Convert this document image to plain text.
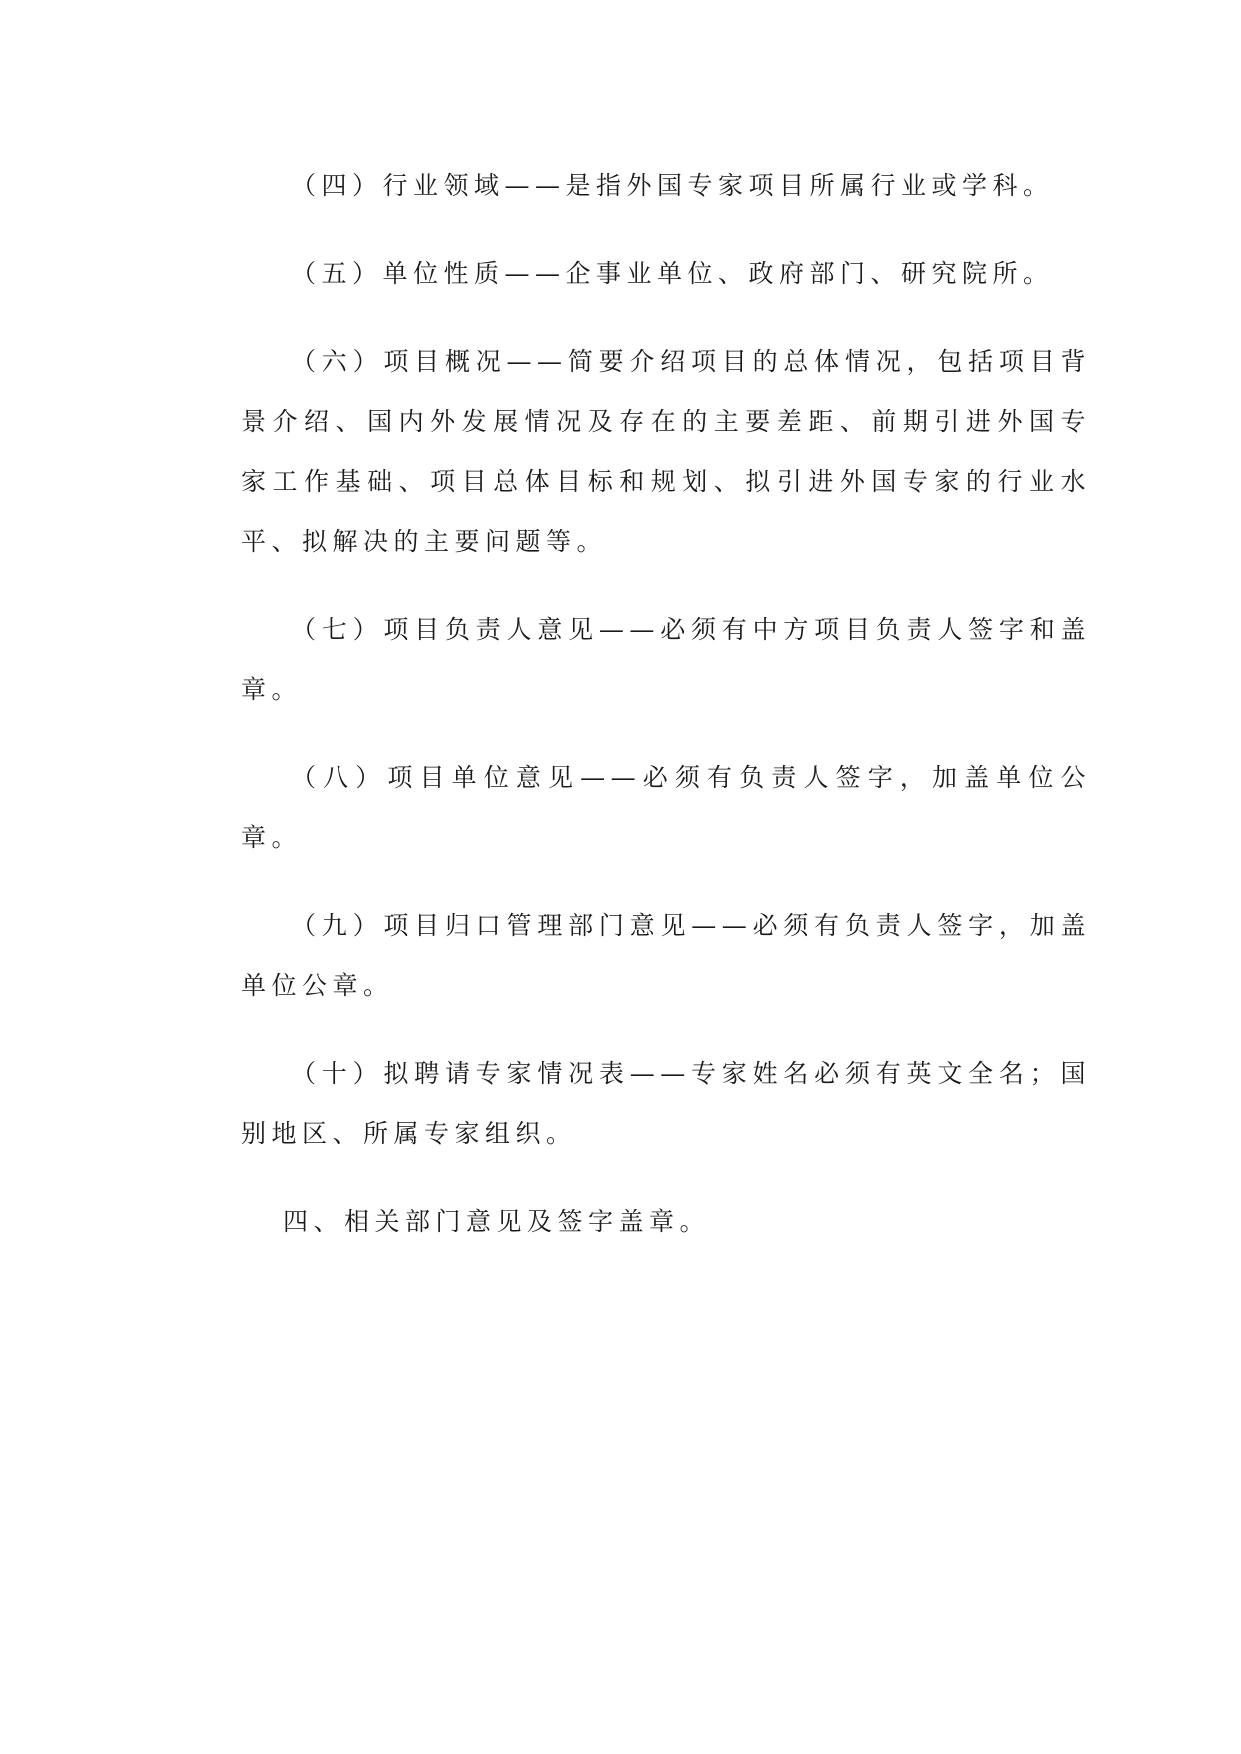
（四）行业领域——是指外国专家项目所属行业或学科。

（五）单位性质——企事业单位、政府部门、研究院所。

（六）项目概况——简要介绍项目的总体情况，包括项目背景介绍、国内外发展情况及存在的主要差距、前期引进外国专家工作基础、项目总体目标和规划、拟引进外国专家的行业水平、拟解决的主要问题等。

（七）项目负责人意见——必须有中方项目负责人签字和盖章。

（八）项目单位意见——必须有负责人签字，加盖单位公章。

（九）项目归口管理部门意见——必须有负责人签字，加盖单位公章。

（十）拟聘请专家情况表——专家姓名必须有英文全名；国别地区、所属专家组织。

四、相关部门意见及签字盖章。
